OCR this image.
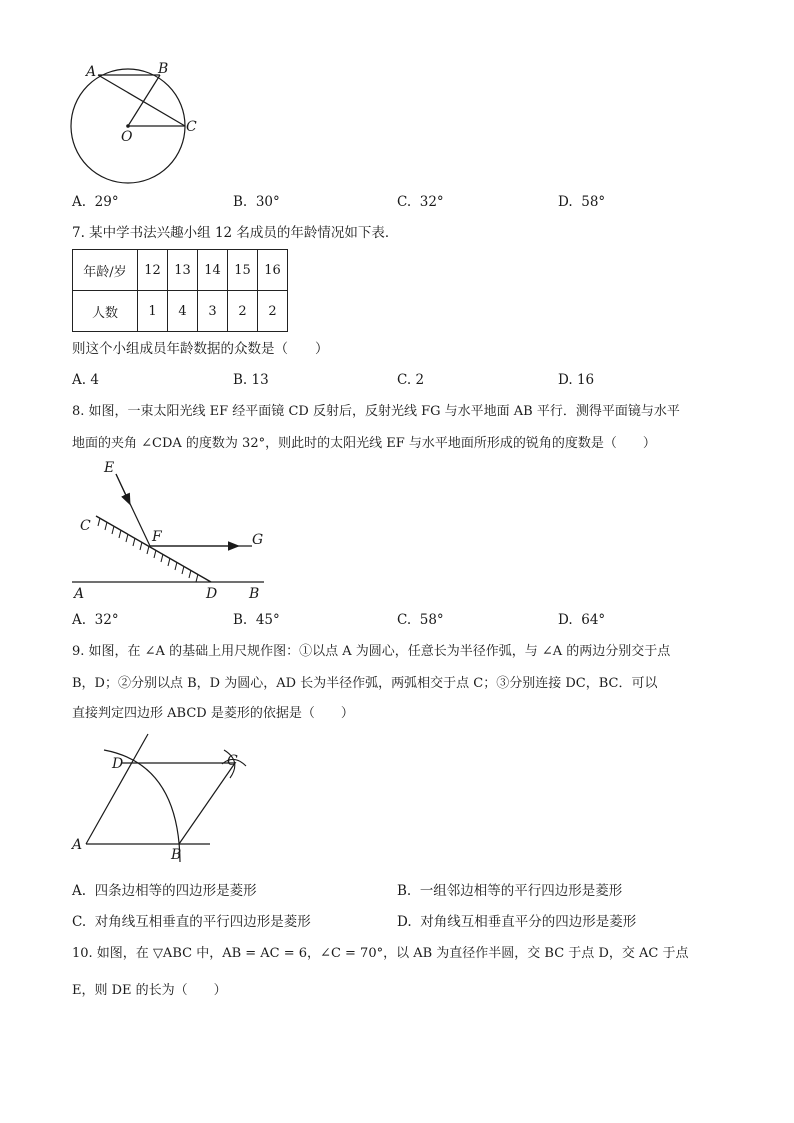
A	B
C
O
A. 29°	B. 30°	C. 32°	D. 58°
7. 某中学书法兴趣小组 12 名成员的年龄情况如下表．
年龄/岁	12	13	14	15	16
人数	1	4	3	2	2
则这个小组成员年龄数据的众数是（　　）
A. 4	B. 13	C. 2	D. 16
8. 如图，一束太阳光线 EF 经平面镜 CD 反射后，反射光线 FG 与水平地面 AB 平行．测得平面镜与水平
地面的夹角 ∠CDA 的度数为 32°，则此时的太阳光线 EF 与水平地面所形成的锐角的度数是（　　）
E
C
F	G
A	D B
A. 32°	B. 45°	C. 58°	D. 64°
9. 如图，在 ∠A 的基础上用尺规作图：①以点 A 为圆心，任意长为半径作弧，与 ∠A 的两边分别交于点
B，D；②分别以点 B，D 为圆心，AD 长为半径作弧，两弧相交于点 C；③分别连接 DC，BC．可以
直接判定四边形 ABCD 是菱形的依据是（　　）
D	C
A
B
A. 四条边相等的四边形是菱形	B. 一组邻边相等的平行四边形是菱形
C. 对角线互相垂直的平行四边形是菱形	D. 对角线互相垂直平分的四边形是菱形
10. 如图，在 ▽ABC 中，AB = AC = 6，∠C = 70°，以 AB 为直径作半圆，交 BC 于点 D，交 AC 于点
E，则 DE 的长为（　　）
